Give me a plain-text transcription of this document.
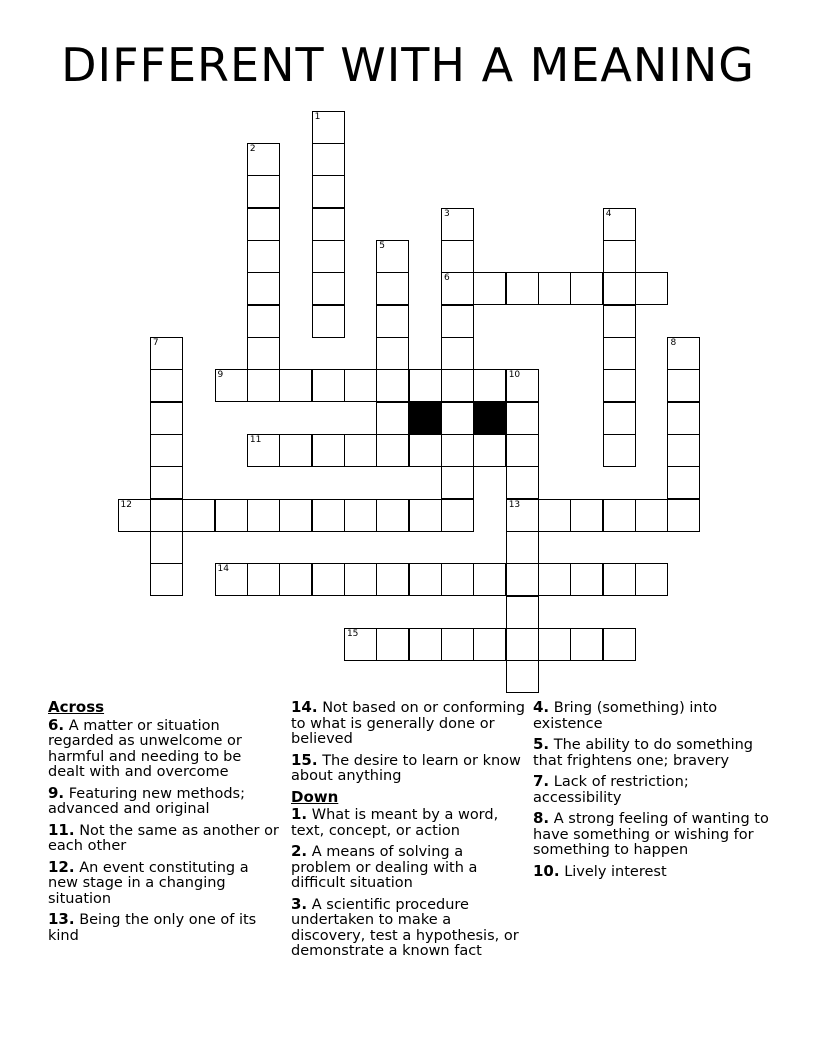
DIFFERENT WITH A MEANING
1
2
3
6
4
5
7	8
9	10
13
11
12
14
15
Across
6. A matter or situation regarded as unwelcome or harmful and needing to be dealt with and overcome
9. Featuring new methods; advanced and original
11. Not the same as another or each other
12. An event constituting a new stage in a changing situation
13. Being the only one of its kind
14. Not based on or conforming to what is generally done or believed
15. The desire to learn or know about anything
Down
1. What is meant by a word, text, concept, or action
2. A means of solving a problem or dealing with a difficult situation
3. A scientific procedure undertaken to make a discovery, test a hypothesis, or demonstrate a known fact
4. Bring (something) into existence
5. The ability to do something that frightens one; bravery
7. Lack of restriction; accessibility
8. A strong feeling of wanting to have something or wishing for something to happen
10. Lively interest
